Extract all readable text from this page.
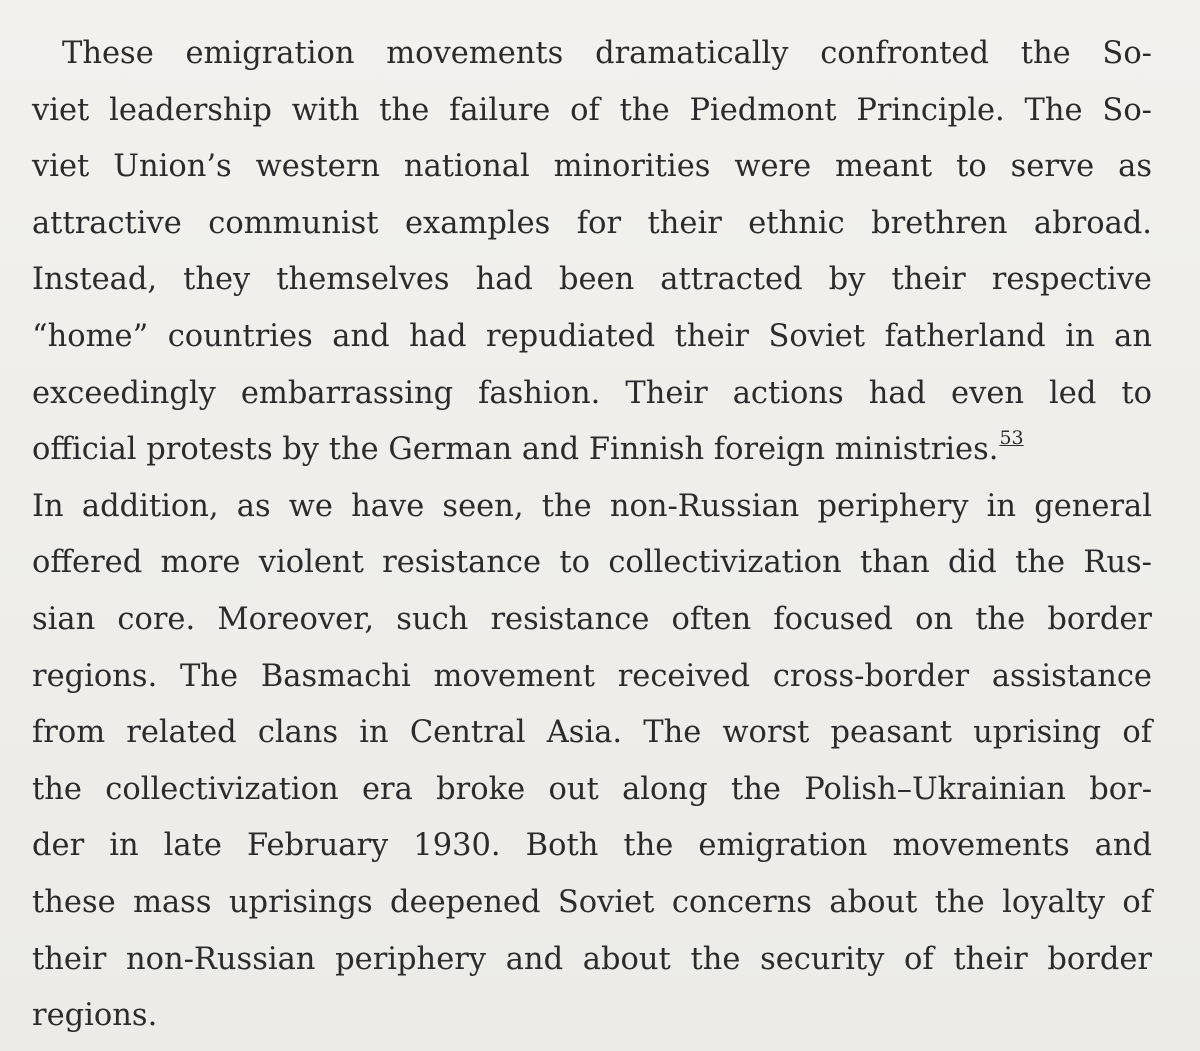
These emigration movements dramatically confronted the So-
viet leadership with the failure of the Piedmont Principle. The So-
viet Union’s western national minorities were meant to serve as
attractive communist examples for their ethnic brethren abroad.
Instead, they themselves had been attracted by their respective
“home” countries and had repudiated their Soviet fatherland in an
exceedingly embarrassing fashion. Their actions had even led to
official protests by the German and Finnish foreign ministries.$^{53}$
In addition, as we have seen, the non-Russian periphery in general
offered more violent resistance to collectivization than did the Rus-
sian core. Moreover, such resistance often focused on the border
regions. The Basmachi movement received cross-border assistance
from related clans in Central Asia. The worst peasant uprising of
the collectivization era broke out along the Polish–Ukrainian bor-
der in late February 1930. Both the emigration movements and
these mass uprisings deepened Soviet concerns about the loyalty of
their non-Russian periphery and about the security of their border
regions.
